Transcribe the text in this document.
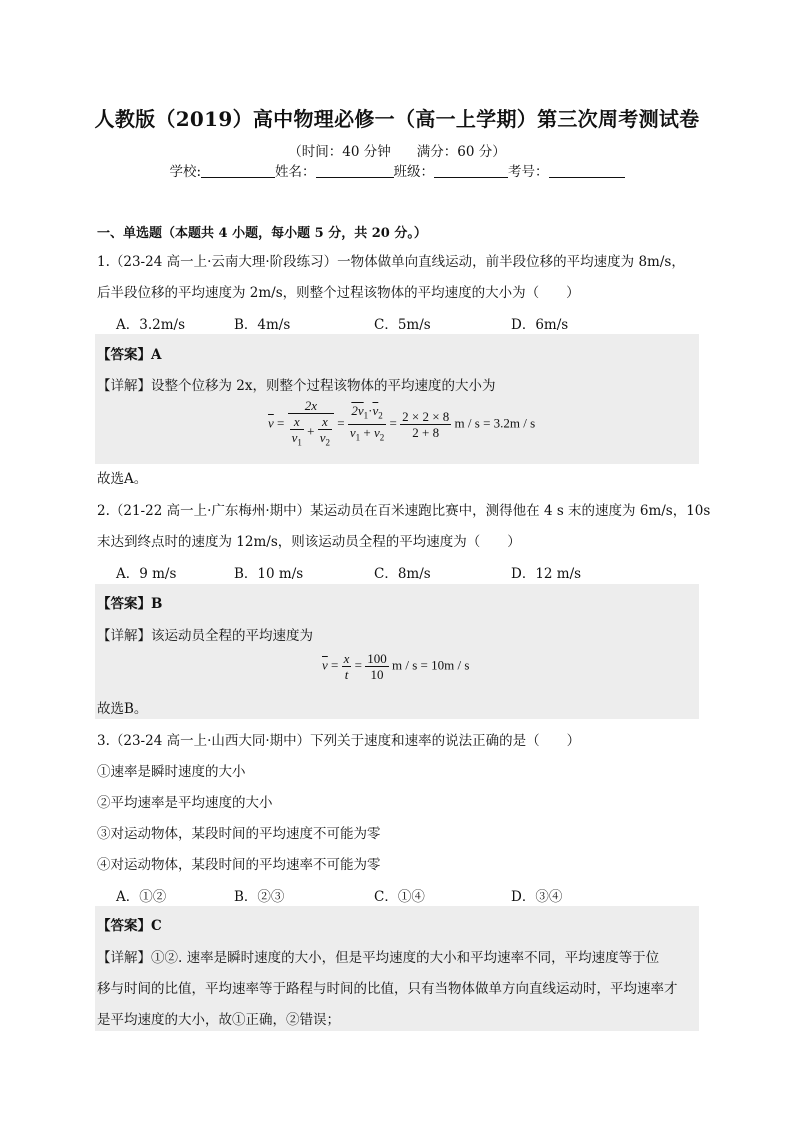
人教版（2019）高中物理必修一（高一上学期）第三次周考测试卷
（时间：40 分钟 满分：60 分）
学校:	姓名：	班级：	考号：
一、单选题（本题共 4 小题，每小题 5 分，共 20 分。）
1.（23-24 高一上·云南大理·阶段练习）一物体做单向直线运动，前半段位移的平均速度为 8m/s，
后半段位移的平均速度为 2m/s，则整个过程该物体的平均速度的大小为（　　）
A．3.2m/s	B．4m/s	C．5m/s	D．6m/s
【答案】A
【详解】设整个位移为 2x，则整个过程该物体的平均速度的大小为
$\overline{v} = \frac{2x}{\frac{x}{v_1} + \frac{x}{v_2}} = \frac{2v_1\cdot\overline{v}_2}{v_1 + v_2} = \frac{2 \times 2 \times 8}{2 + 8}$ m / s = 3.2m / s
故选A。
2.（21-22 高一上·广东梅州·期中）某运动员在百米速跑比赛中，测得他在 4 s 末的速度为 6m/s，10s
末达到终点时的速度为 12m/s，则该运动员全程的平均速度为（　　）
A．9 m/s	B．10 m/s	C．8m/s	D．12 m/s
【答案】B
【详解】该运动员全程的平均速度为
$\overline{v} = \frac{x}{t} = \frac{100}{10}$ m / s = 10m / s
故选B。
3.（23-24 高一上·山西大同·期中）下列关于速度和速率的说法正确的是（　　）
①速率是瞬时速度的大小
②平均速率是平均速度的大小
③对运动物体，某段时间的平均速度不可能为零
④对运动物体，某段时间的平均速率不可能为零
A．①②	B．②③	C．①④	D．③④
【答案】C
【详解】①②. 速率是瞬时速度的大小，但是平均速度的大小和平均速率不同，平均速度等于位
移与时间的比值，平均速率等于路程与时间的比值，只有当物体做单方向直线运动时，平均速率才
是平均速度的大小，故①正确，②错误；
